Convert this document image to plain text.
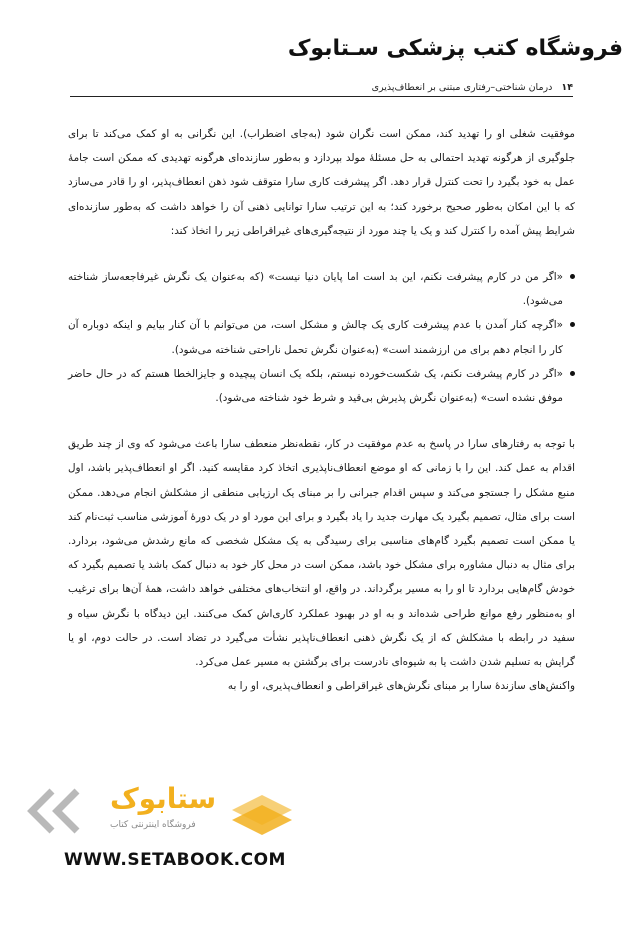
فروشگاه کتب پزشکی سـتابوک
۱۴ درمان شناختی–رفتاری مبتنی بر انعطاف‌پذیری

موفقیت شغلی او را تهدید کند، ممکن است نگران شود (به‌جای اضطراب). این نگرانی به او کمک می‌کند تا برای جلوگیری از هرگونه تهدید احتمالی به حل مسئلهٔ مولد بپردازد و به‌طور سازنده‌ای هرگونه تهدیدی که ممکن است جامهٔ عمل به خود بگیرد را تحت کنترل قرار دهد. اگر پیشرفت کاری سارا متوقف شود ذهن انعطاف‌پذیر، او را قادر می‌سازد که با این امکان به‌طور صحیح برخورد کند؛ به این ترتیب سارا توانایی ذهنی آن را خواهد داشت که به‌طور سازنده‌ای شرایط پیش آمده را کنترل کند و یک یا چند مورد از نتیجه‌گیری‌های غیراقراطی زیر را اتخاذ کند:

«اگر من در کارم پیشرفت نکنم، این بد است اما پایان دنیا نیست» (که به‌عنوان یک نگرش غیرفاجعه‌ساز شناخته می‌شود).
«اگرچه کنار آمدن با عدم پیشرفت کاری یک چالش و مشکل است، من می‌توانم با آن کنار بیایم و اینکه دوباره آن کار را انجام دهم برای من ارزشمند است» (به‌عنوان نگرش تحمل ناراحتی شناخته می‌شود).
«اگر در کارم پیشرفت نکنم، یک شکست‌خورده نیستم، بلکه یک انسان پیچیده و جایزالخطا هستم که در حال حاضر موفق نشده است» (به‌عنوان نگرش پذیرش بی‌قید و شرط خود شناخته می‌شود).

با توجه به رفتارهای سارا در پاسخ به عدم موفقیت در کار، نقطه‌نظر منعطف سارا باعث می‌شود که وی از چند طریق اقدام به عمل کند. این را با زمانی که او موضع انعطاف‌ناپذیری اتخاذ کرد مقایسه کنید. اگر او انعطاف‌پذیر باشد، اول منبع مشکل را جستجو می‌کند و سپس اقدام جبرانی را بر مبنای یک ارزیابی منطقی از مشکلش انجام می‌دهد. ممکن است برای مثال، تصمیم بگیرد یک مهارت جدید را یاد بگیرد و برای این مورد او در یک دورهٔ آموزشی مناسب ثبت‌نام کند یا ممکن است تصمیم بگیرد گام‌های مناسبی برای رسیدگی به یک مشکل شخصی که مانع رشدش می‌شود، بردارد. برای مثال به دنبال مشاوره برای مشکل خود باشد، ممکن است در محل کار خود به دنبال کمک باشد یا تصمیم بگیرد که خودش گام‌هایی بردارد تا او را به مسیر برگرداند. در واقع، او انتخاب‌های مختلفی خواهد داشت، همهٔ آن‌ها برای ترغیب او به‌منظور رفع موانع طراحی شده‌اند و به او در بهبود عملکرد کاری‌اش کمک می‌کنند. این دیدگاه با نگرش سیاه و سفید در رابطه با مشکلش که از یک نگرش ذهنی انعطاف‌ناپذیر نشأت می‌گیرد در تضاد است. در حالت دوم، او یا گرایش به تسلیم شدن داشت یا به شیوه‌ای نادرست برای برگشتن به مسیر عمل می‌کرد.

واکنش‌های سازندهٔ سارا بر مبنای نگرش‌های غیراقراطی و انعطاف‌پذیری، او را به

ستابوک
فروشگاه اینترنتی کتاب
WWW.SETABOOK.COM
